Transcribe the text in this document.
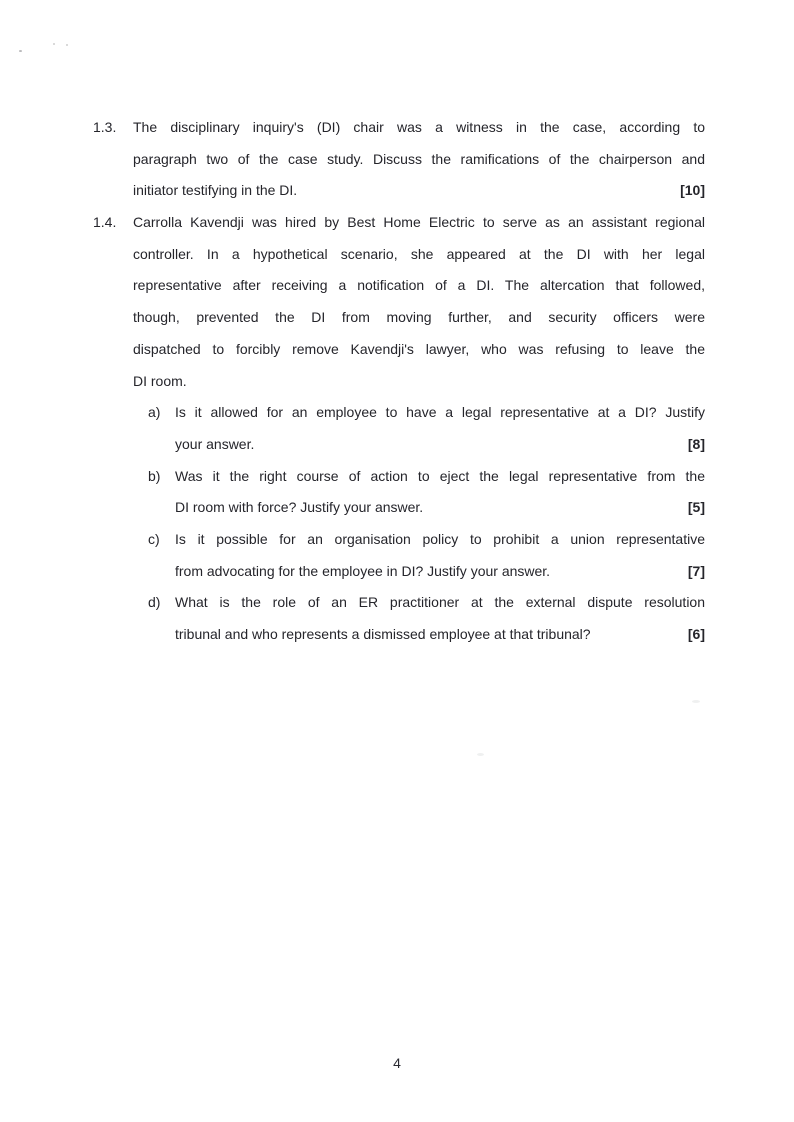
1.3.	The disciplinary inquiry's (DI) chair was a witness in the case, according to
paragraph two of the case study. Discuss the ramifications of the chairperson and
initiator testifying in the DI.	[10]
1.4.	Carrolla Kavendji was hired by Best Home Electric to serve as an assistant regional
controller. In a hypothetical scenario, she appeared at the DI with her legal
representative after receiving a notification of a DI. The altercation that followed,
though, prevented the DI from moving further, and security officers were
dispatched to forcibly remove Kavendji's lawyer, who was refusing to leave the
DI room.
a)	Is it allowed for an employee to have a legal representative at a DI? Justify
your answer.	[8]
b)	Was it the right course of action to eject the legal representative from the
DI room with force? Justify your answer.	[5]
c)	Is it possible for an organisation policy to prohibit a union representative
from advocating for the employee in DI? Justify your answer.	[7]
d)	What is the role of an ER practitioner at the external dispute resolution
tribunal and who represents a dismissed employee at that tribunal?	[6]
4
